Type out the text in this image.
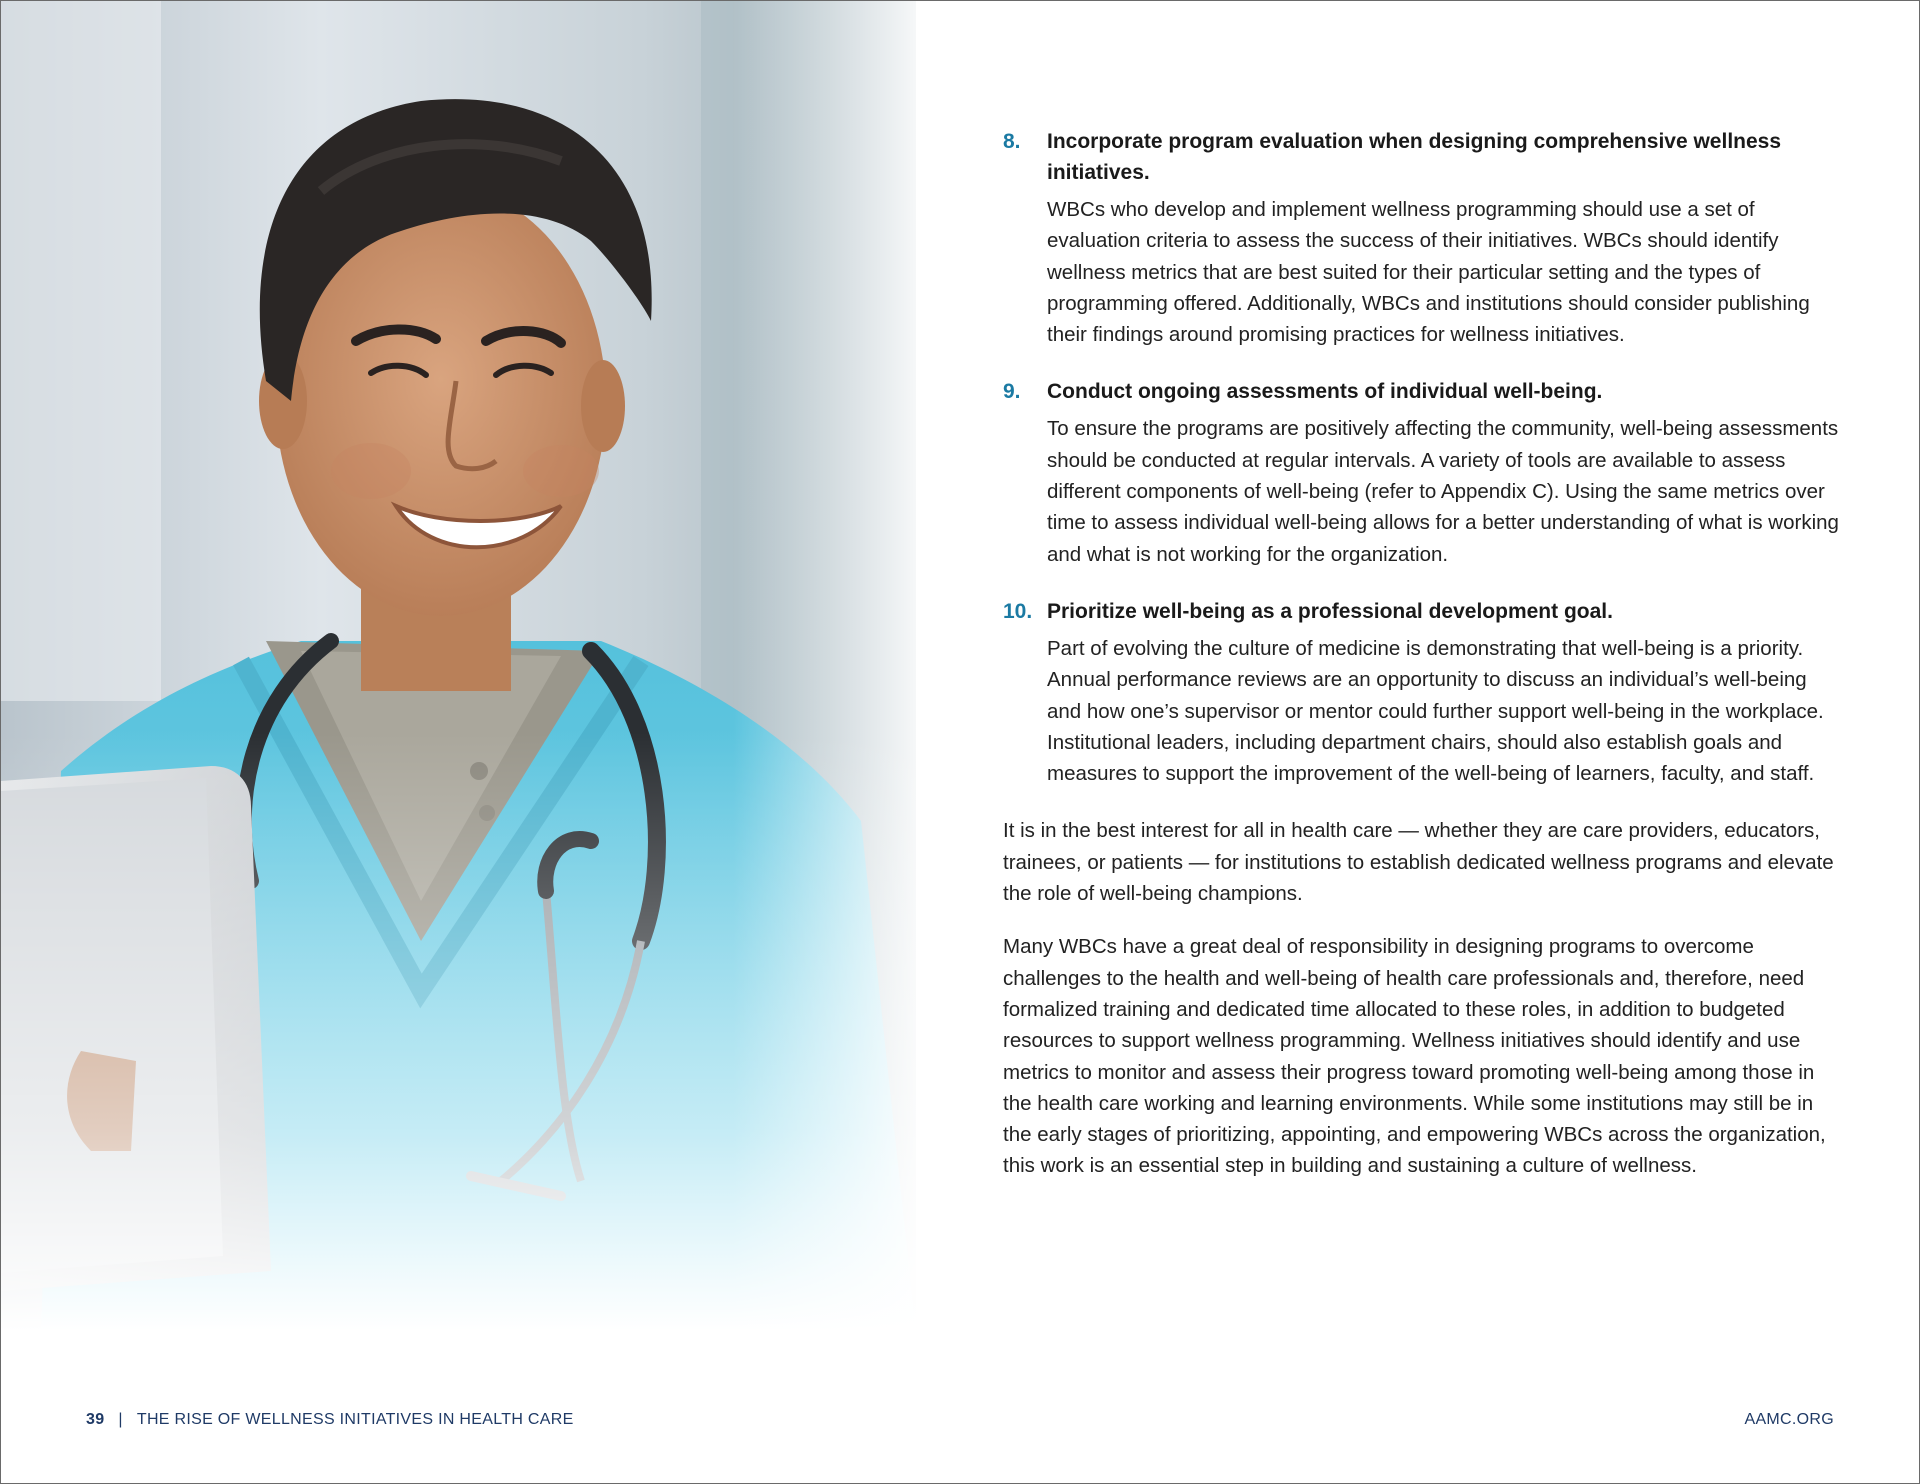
8. Incorporate program evaluation when designing comprehensive wellness initiatives.

WBCs who develop and implement wellness programming should use a set of evaluation criteria to assess the success of their initiatives. WBCs should identify wellness metrics that are best suited for their particular setting and the types of programming offered. Additionally, WBCs and institutions should consider publishing their findings around promising practices for wellness initiatives.

9. Conduct ongoing assessments of individual well-being.

To ensure the programs are positively affecting the community, well-being assessments should be conducted at regular intervals. A variety of tools are available to assess different components of well-being (refer to Appendix C). Using the same metrics over time to assess individual well-being allows for a better understanding of what is working and what is not working for the organization.

10. Prioritize well-being as a professional development goal.

Part of evolving the culture of medicine is demonstrating that well-being is a priority. Annual performance reviews are an opportunity to discuss an individual’s well-being and how one’s supervisor or mentor could further support well-being in the workplace. Institutional leaders, including department chairs, should also establish goals and measures to support the improvement of the well-being of learners, faculty, and staff.

It is in the best interest for all in health care — whether they are care providers, educators, trainees, or patients — for institutions to establish dedicated wellness programs and elevate the role of well-being champions.

Many WBCs have a great deal of responsibility in designing programs to overcome challenges to the health and well-being of health care professionals and, therefore, need formalized training and dedicated time allocated to these roles, in addition to budgeted resources to support wellness programming. Wellness initiatives should identify and use metrics to monitor and assess their progress toward promoting well-being among those in the health care working and learning environments. While some institutions may still be in the early stages of prioritizing, appointing, and empowering WBCs across the organization, this work is an essential step in building and sustaining a culture of wellness.

39 | THE RISE OF WELLNESS INITIATIVES IN HEALTH CARE	AAMC.ORG
